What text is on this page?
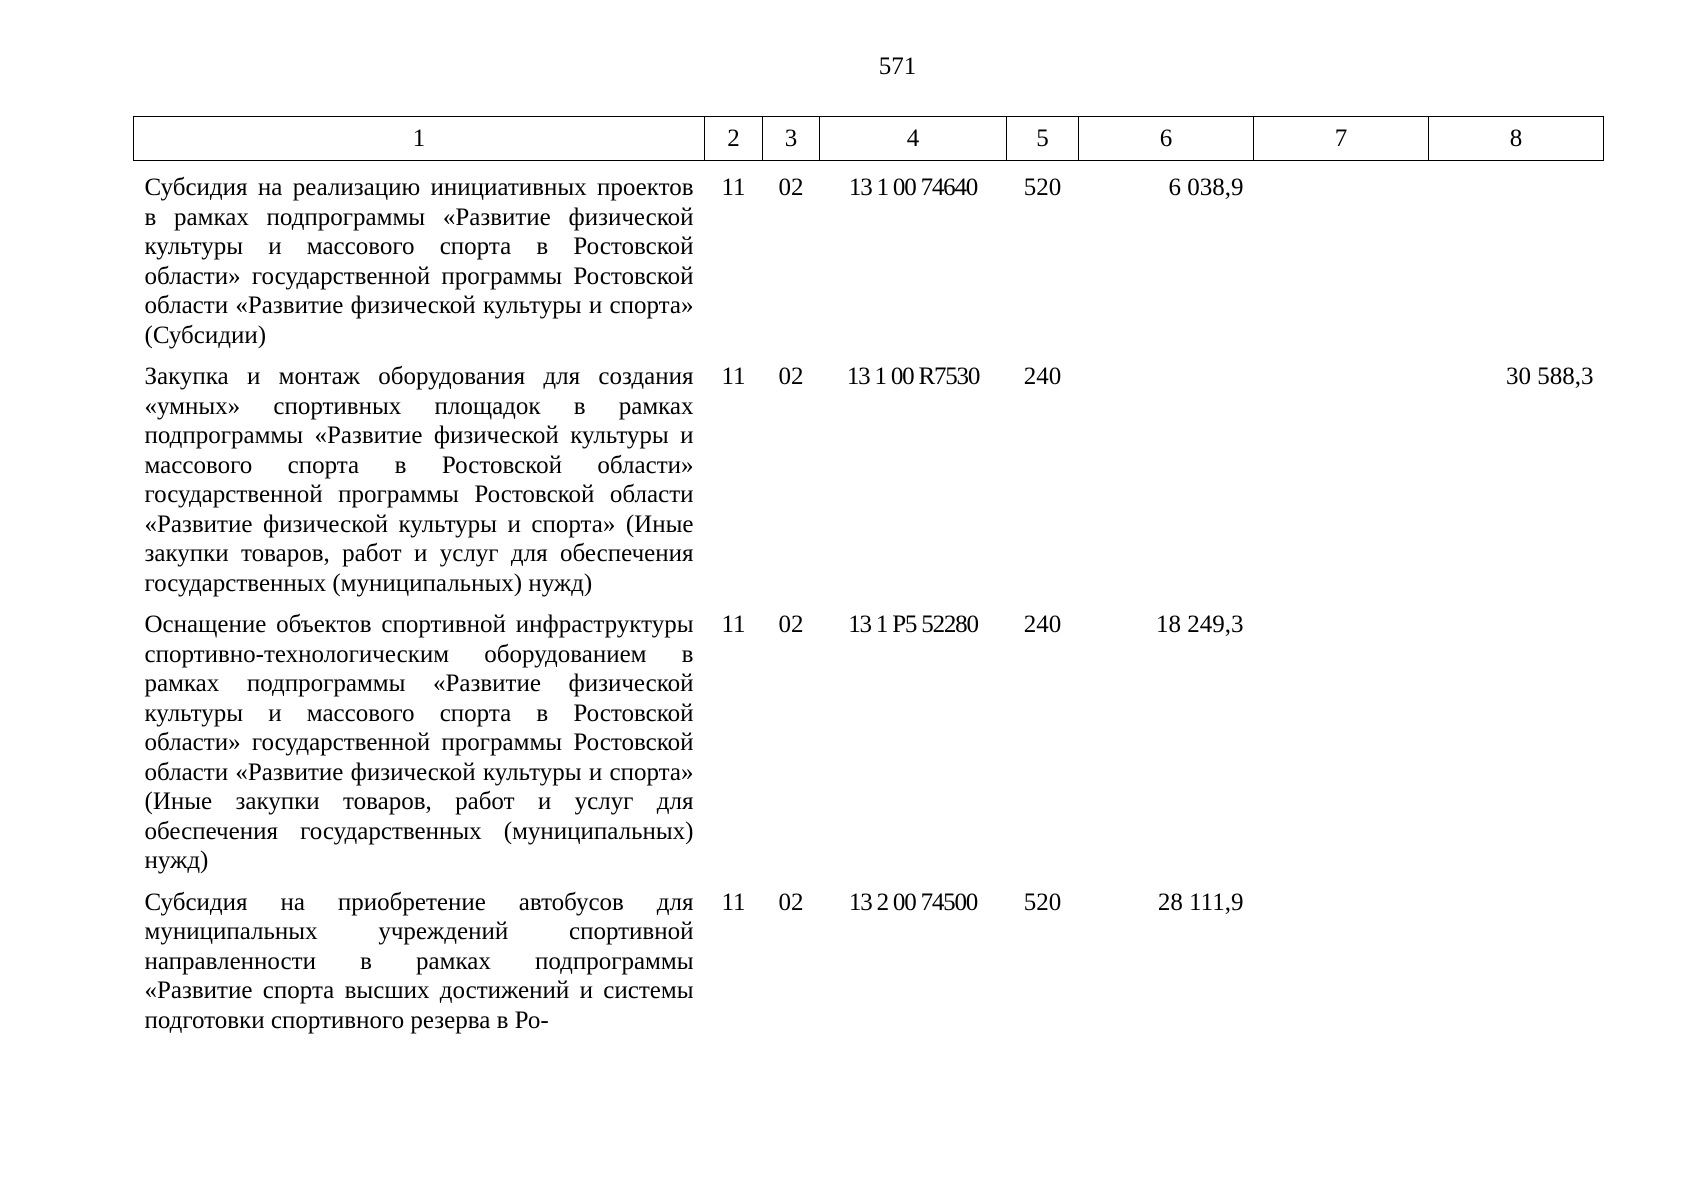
571
1	2	3	4	5	6	7	8

Субсидия на реализацию инициативных проектов в рамках подпрограммы «Развитие физической культуры и массового спорта в Ростовской области» государственной программы Ростовской области «Развитие физической культуры и спорта» (Субсидии)	11	02	13 1 00 74640	520	6 038,9		
Закупка и монтаж оборудования для создания «умных» спортивных площадок в рамках подпрограммы «Развитие физической культуры и массового спорта в Ростовской области» государственной программы Ростовской области «Развитие физической культуры и спорта» (Иные закупки товаров, работ и услуг для обеспечения государственных (муниципальных) нужд)	11	02	13 1 00 R7530	240			30 588,3
Оснащение объектов спортивной инфраструктуры спортивно-технологическим оборудованием в рамках подпрограммы «Развитие физической культуры и массового спорта в Ростовской области» государственной программы Ростовской области «Развитие физической культуры и спорта» (Иные закупки товаров, работ и услуг для обеспечения государственных (муниципальных) нужд)	11	02	13 1 P5 52280	240	18 249,3		
Субсидия на приобретение автобусов для муниципальных учреждений спортивной направленности в рамках подпрограммы «Развитие спорта высших достижений и системы подготовки спортивного резерва в Ро-	11	02	13 2 00 74500	520	28 111,9		
